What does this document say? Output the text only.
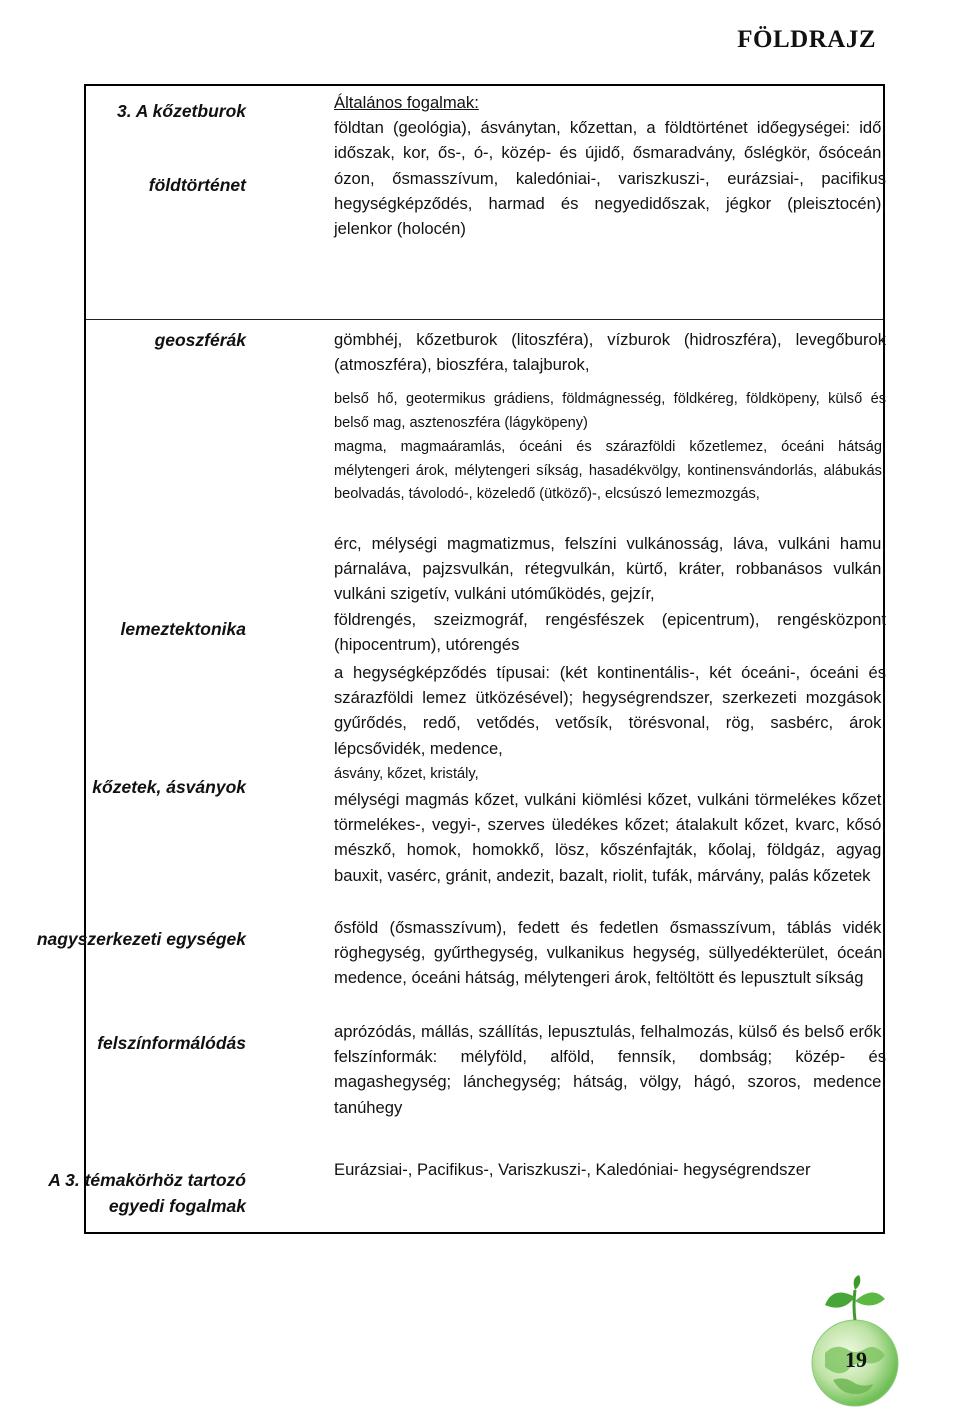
FÖLDRAJZ
3. A kőzetburok
földtörténet
Általános fogalmak:

földtan (geológia), ásványtan, kőzettan, a földtörténet időegységei: idő, időszak, kor, ős-, ó-, közép- és újidő, ősmaradvány, őslégkör, ősóceán, ózon, ősmasszívum, kaledóniai-, variszkuszi-, eurázsiai-, pacifikus hegységképződés, harmad és negyedidőszak, jégkor (pleisztocén), jelenkor (holocén)

geoszférák	gömbhéj, kőzetburok (litoszféra), vízburok (hidroszféra), levegőburok (atmoszféra), bioszféra, talajburok,

lemeztektonika

belső hő, geotermikus grádiens, földmágnesség, földkéreg, földköpeny, külső és belső mag, asztenoszféra (lágyköpeny)

magma, magmaáramlás, óceáni és szárazföldi kőzetlemez, óceáni hátság, mélytengeri árok, mélytengeri síkság, hasadékvölgy, kontinensvándorlás, alábukás, beolvadás, távolodó-, közeledő (ütköző)-, elcsúszó lemezmozgás,

érc, mélységi magmatizmus, felszíni vulkánosság, láva, vulkáni hamu, párnaláva, pajzsvulkán, rétegvulkán, kürtő, kráter, robbanásos vulkán, vulkáni szigetív, vulkáni utóműködés, gejzír,

földrengés, szeizmográf, rengésfészek (epicentrum), rengésközpont (hipocentrum), utórengés

a hegységképződés típusai: (két kontinentális-, két óceáni-, óceáni és szárazföldi lemez ütközésével); hegységrendszer, szerkezeti mozgások, gyűrődés, redő, vetődés, vetősík, törésvonal, rög, sasbérc, árok, lépcsővidék, medence,

kőzetek, ásványok

ásvány, kőzet, kristály,

mélységi magmás kőzet, vulkáni kiömlési kőzet, vulkáni törmelékes kőzet; törmelékes-, vegyi-, szerves üledékes kőzet; átalakult kőzet, kvarc, kősó, mészkő, homok, homokkő, lösz, kőszénfajták, kőolaj, földgáz, agyag, bauxit, vasérc, gránit, andezit, bazalt, riolit, tufák, márvány, palás kőzetek

nagyszerkezeti egységek

ősföld (ősmasszívum), fedett és fedetlen ősmasszívum, táblás vidék, röghegység, gyűrthegység, vulkanikus hegység, süllyedékterület, óceáni medence, óceáni hátság, mélytengeri árok, feltöltött és lepusztult síkság

felszínformálódás

aprózódás, mállás, szállítás, lepusztulás, felhalmozás, külső és belső erők, felszínformák: mélyföld, alföld, fennsík, dombság; közép- és magashegység; lánchegység; hátság, völgy, hágó, szoros, medence; tanúhegy

A 3. témakörhöz tartozó
egyedi fogalmak

Eurázsiai-, Pacifikus-, Variszkuszi-, Kaledóniai- hegységrendszer

19
